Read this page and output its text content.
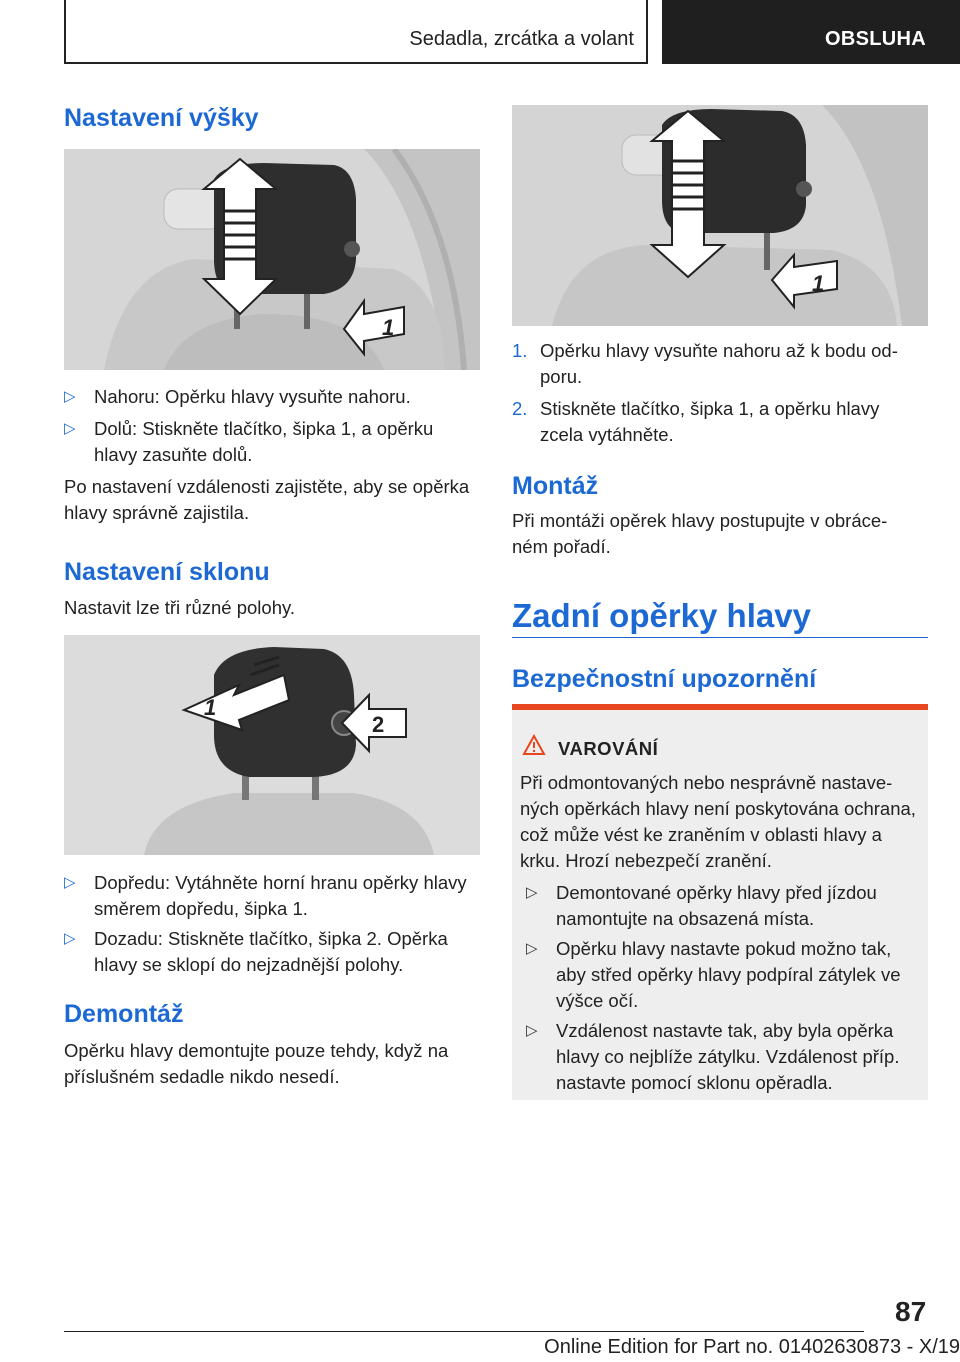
Sedadla, zrcátka a volant	OBSLUHA
Nastavení výšky
1
▷ Nahoru: Opěrku hlavy vysuňte nahoru.
▷ Dolů: Stiskněte tlačítko, šipka 1, a opěrku
hlavy zasuňte dolů.
Po nastavení vzdálenosti zajistěte, aby se opěrka
hlavy správně zajistila.
Nastavení sklonu
Nastavit lze tři různé polohy.
1
2
▷ Dopředu: Vytáhněte horní hranu opěrky hlavy
směrem dopředu, šipka 1.
▷ Dozadu: Stiskněte tlačítko, šipka 2. Opěrka
hlavy se sklopí do nejzadnější polohy.
Demontáž
Opěrku hlavy demontujte pouze tehdy, když na
příslušném sedadle nikdo nesedí.
1
1. Opěrku hlavy vysuňte nahoru až k bodu od-
poru.
2. Stiskněte tlačítko, šipka 1, a opěrku hlavy
zcela vytáhněte.
Montáž
Při montáži opěrek hlavy postupujte v obráce-
ném pořadí.
Zadní opěrky hlavy
Bezpečnostní upozornění
VAROVÁNÍ
Při odmontovaných nebo nesprávně nastave-
ných opěrkách hlavy není poskytována ochrana,
což může vést ke zraněním v oblasti hlavy a
krku. Hrozí nebezpečí zranění.
▷ Demontované opěrky hlavy před jízdou
namontujte na obsazená místa.
▷ Opěrku hlavy nastavte pokud možno tak,
aby střed opěrky hlavy podpíral zátylek ve
výšce očí.
▷ Vzdálenost nastavte tak, aby byla opěrka
hlavy co nejblíže zátylku. Vzdálenost příp.
nastavte pomocí sklonu opěradla.
87
Online Edition for Part no. 01402630873 - X/19
